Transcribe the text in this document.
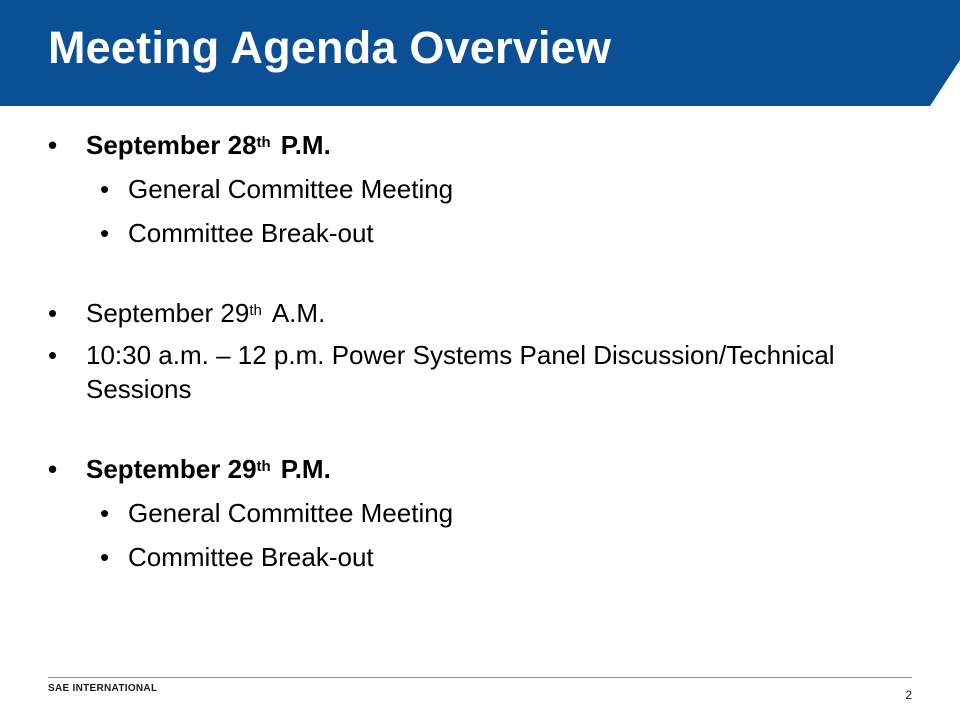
Meeting Agenda Overview
• September 28th P.M.
• General Committee Meeting
• Committee Break-out
• September 29th A.M.
• 10:30 a.m. – 12 p.m. Power Systems Panel Discussion/Technical Sessions
• September 29th P.M.
• General Committee Meeting
• Committee Break-out
SAE INTERNATIONAL	2
